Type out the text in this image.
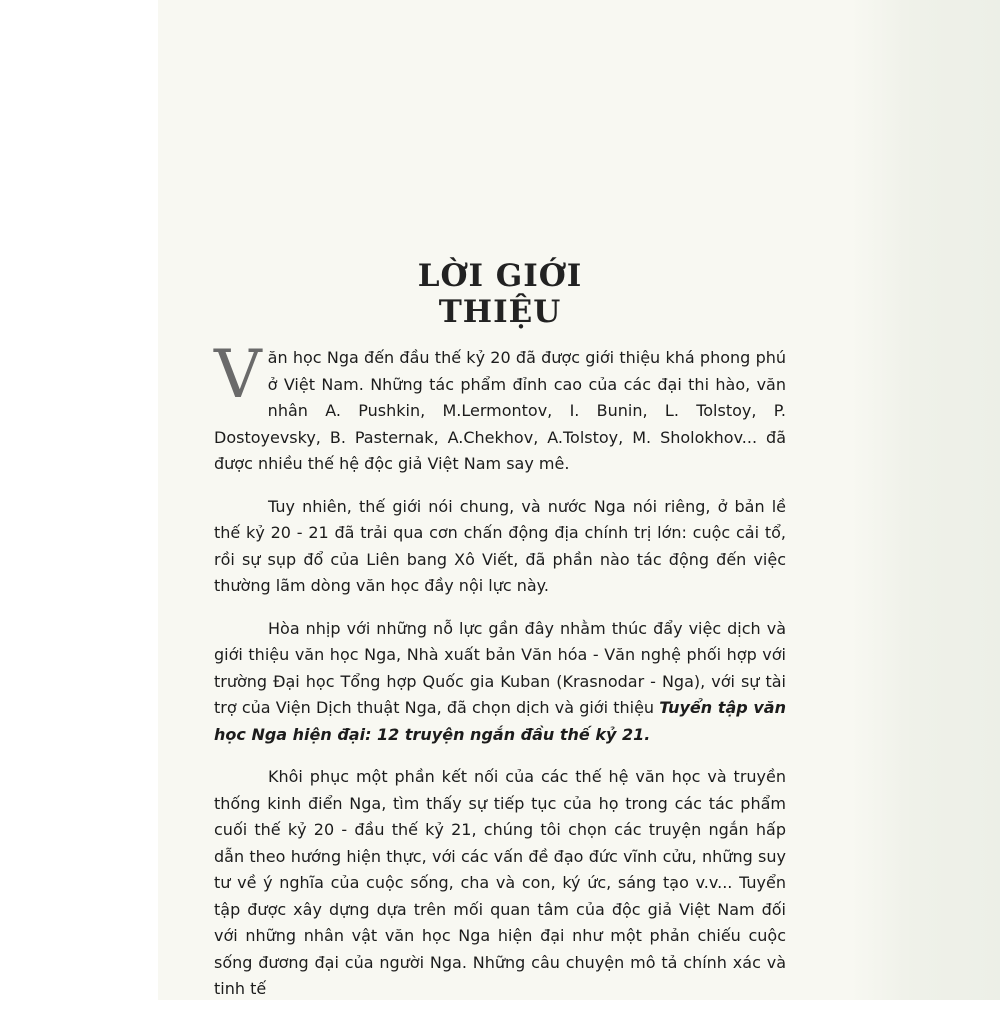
LỜI GIỚI THIỆU

Văn học Nga đến đầu thế kỷ 20 đã được giới thiệu khá phong phú ở Việt Nam. Những tác phẩm đỉnh cao của các đại thi hào, văn nhân A. Pushkin, M.Lermontov, I. Bunin, L. Tolstoy, P. Dostoyevsky, B. Pasternak, A.Chekhov, A.Tolstoy, M. Sholokhov... đã được nhiều thế hệ độc giả Việt Nam say mê.

Tuy nhiên, thế giới nói chung, và nước Nga nói riêng, ở bản lề thế kỷ 20 - 21 đã trải qua cơn chấn động địa chính trị lớn: cuộc cải tổ, rồi sự sụp đổ của Liên bang Xô Viết, đã phần nào tác động đến việc thường lãm dòng văn học đầy nội lực này.

Hòa nhịp với những nỗ lực gần đây nhằm thúc đẩy việc dịch và giới thiệu văn học Nga, Nhà xuất bản Văn hóa - Văn nghệ phối hợp với trường Đại học Tổng hợp Quốc gia Kuban (Krasnodar - Nga), với sự tài trợ của Viện Dịch thuật Nga, đã chọn dịch và giới thiệu Tuyển tập văn học Nga hiện đại: 12 truyện ngắn đầu thế kỷ 21.

Khôi phục một phần kết nối của các thế hệ văn học và truyền thống kinh điển Nga, tìm thấy sự tiếp tục của họ trong các tác phẩm cuối thế kỷ 20 - đầu thế kỷ 21, chúng tôi chọn các truyện ngắn hấp dẫn theo hướng hiện thực, với các vấn đề đạo đức vĩnh cửu, những suy tư về ý nghĩa của cuộc sống, cha và con, ký ức, sáng tạo v.v... Tuyển tập được xây dựng dựa trên mối quan tâm của độc giả Việt Nam đối với những nhân vật văn học Nga hiện đại như một phản chiếu cuộc sống đương đại của người Nga. Những câu chuyện mô tả chính xác và tinh tế
